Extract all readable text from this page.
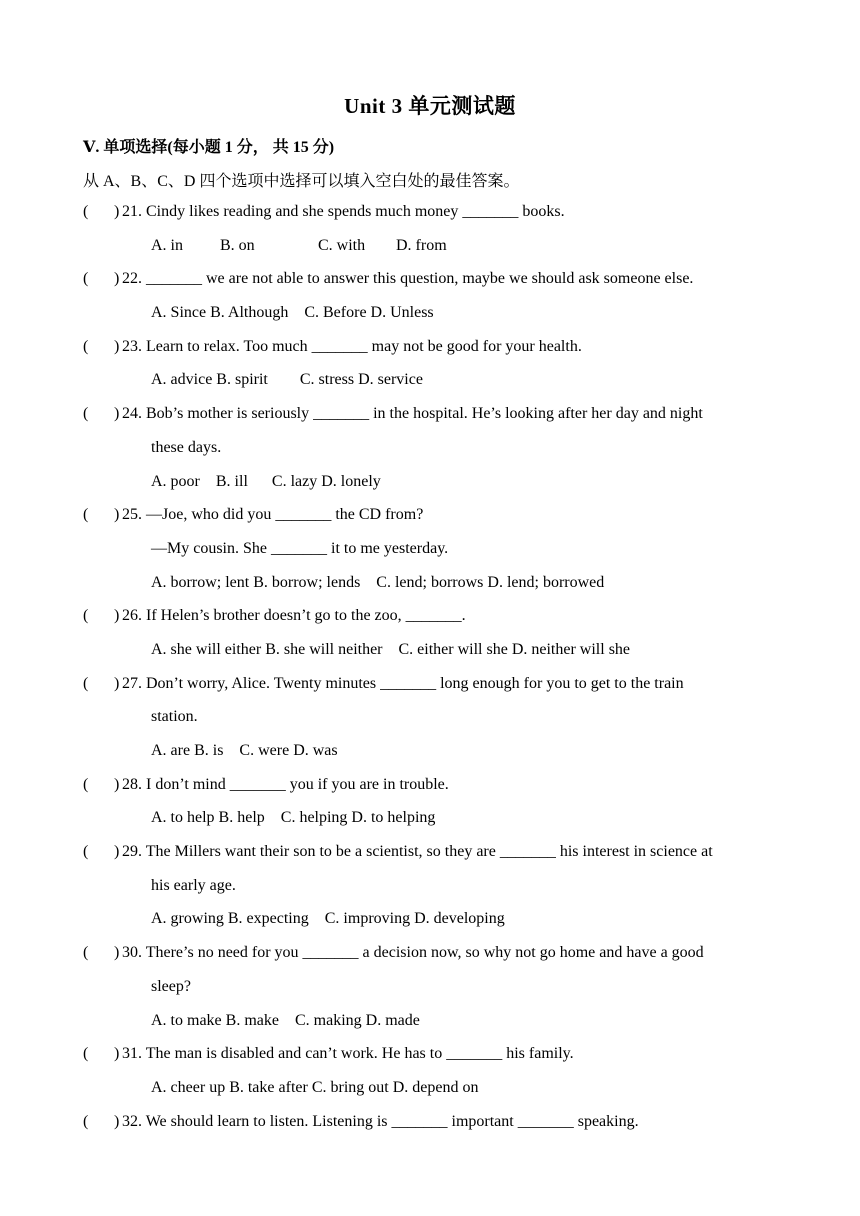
Unit 3 单元测试题
Ⅴ. 单项选择(每小题 1 分， 共 15 分)
从 A、B、C、D 四个选项中选择可以填入空白处的最佳答案。
( ) 21. Cindy likes reading and she spends much money _______ books.
A. in B. on	C. with D. from
( ) 22. _______ we are not able to answer this question, maybe we should ask someone else.
A. Since B. Although    C. Before D. Unless
( ) 23. Learn to relax. Too much _______ may not be good for your health.
A. advice B. spirit        C. stress D. service
( ) 24. Bob’s mother is seriously _______ in the hospital. He’s looking after her day and night
these days.
A. poor    B. ill      C. lazy D. lonely
( ) 25. —Joe, who did you _______ the CD from?
—My cousin. She _______ it to me yesterday.
A. borrow; lent B. borrow; lends    C. lend; borrows D. lend; borrowed
( ) 26. If Helen’s brother doesn’t go to the zoo, _______.
A. she will either B. she will neither    C. either will she D. neither will she
( ) 27. Don’t worry, Alice. Twenty minutes _______ long enough for you to get to the train
station.
A. are B. is    C. were D. was
( ) 28. I don’t mind _______ you if you are in trouble.
A. to help B. help    C. helping D. to helping
( ) 29. The Millers want their son to be a scientist, so they are _______ his interest in science at
his early age.
A. growing B. expecting    C. improving D. developing
( ) 30. There’s no need for you _______ a decision now, so why not go home and have a good
sleep?
A. to make B. make    C. making D. made
( ) 31. The man is disabled and can’t work. He has to _______ his family.
A. cheer up B. take after C. bring out D. depend on
( ) 32. We should learn to listen. Listening is _______ important _______ speaking.
